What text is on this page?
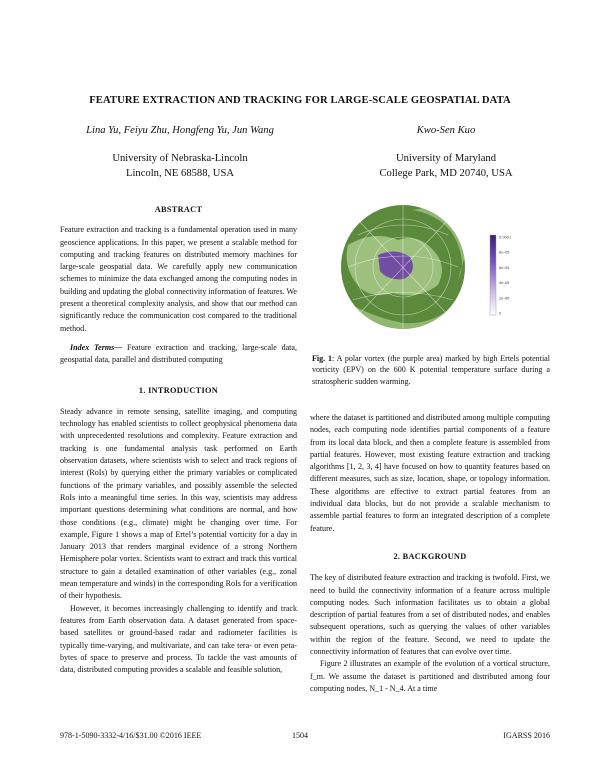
FEATURE EXTRACTION AND TRACKING FOR LARGE-SCALE GEOSPATIAL DATA
Lina Yu, Feiyu Zhu, Hongfeng Yu, Jun Wang
University of Nebraska-Lincoln
Lincoln, NE 68588, USA
Kwo-Sen Kuo
University of Maryland
College Park, MD 20740, USA
ABSTRACT

Feature extraction and tracking is a fundamental operation used in many geoscience applications. In this paper, we present a scalable method for computing and tracking features on distributed memory machines for large-scale geospatial data. We carefully apply new communication schemes to minimize the data exchanged among the computing nodes in building and updating the global connectivity information of features. We present a theoretical complexity analysis, and show that our method can significantly reduce the communication cost compared to the traditional method.

Index Terms— Feature extraction and tracking, large-scale data, geospatial data, parallel and distributed computing

1. INTRODUCTION

Steady advance in remote sensing, satellite imaging, and computing technology has enabled scientists to collect geophysical phenomena data with unprecedented resolutions and complexity. Feature extraction and tracking is one fundamental analysis task performed on Earth observation datasets, where scientists wish to select and track regions of interest (RoIs) by querying either the primary variables or complicated functions of the primary variables, and possibly assemble the selected RoIs into a meaningful time series. In this way, scientists may address important questions determining what conditions are normal, and how those conditions (e.g., climate) might be changing over time. For example, Figure 1 shows a map of Ertel’s potential vorticity for a day in January 2013 that renders marginal evidence of a strong Northern Hemisphere polar vortex. Scientists want to extract and track this vortical structure to gain a detailed examination of other variables (e.g., zonal mean temperature and winds) in the corresponding RoIs for a verification of their hypothesis.

However, it becomes increasingly challenging to identify and track features from Earth observation data. A dataset generated from space-based satellites or ground-based radar and radiometer facilities is typically time-varying, and multivariate, and can take tera- or even peta-bytes of space to preserve and process. To tackle the vast amounts of data, distributed computing provides a scalable and feasible solution,

0.0001
8e-05
6e-05
4e-05
2e-05
0

Fig. 1: A polar vortex (the purple area) marked by high Ertels potential vorticity (EPV) on the 600 K potential temperature surface during a stratospheric sudden warming.

where the dataset is partitioned and distributed among multiple computing nodes, each computing node identifies partial components of a feature from its local data block, and then a complete feature is assembled from partial features. However, most existing feature extraction and tracking algorithms [1, 2, 3, 4] have focused on how to quantity features based on different measures, such as size, location, shape, or topology information. These algorithms are effective to extract partial features from an individual data blocks, but do not provide a scalable mechanism to assemble partial features to form an integrated description of a complete feature.

2. BACKGROUND

The key of distributed feature extraction and tracking is twofold. First, we need to build the connectivity information of a feature across multiple computing nodes. Such information facilitates us to obtain a global description of partial features from a set of distributed nodes, and enables subsequent operations, such as querying the values of other variables within the region of the feature. Second, we need to update the connectivity information of features that can evolve over time.

Figure 2 illustrates an example of the evolution of a vortical structure, f_m. We assume the dataset is partitioned and distributed among four computing nodes, N_1 - N_4. At a time

978-1-5090-3332-4/16/$31.00 ©2016 IEEE	1504	IGARSS 2016
